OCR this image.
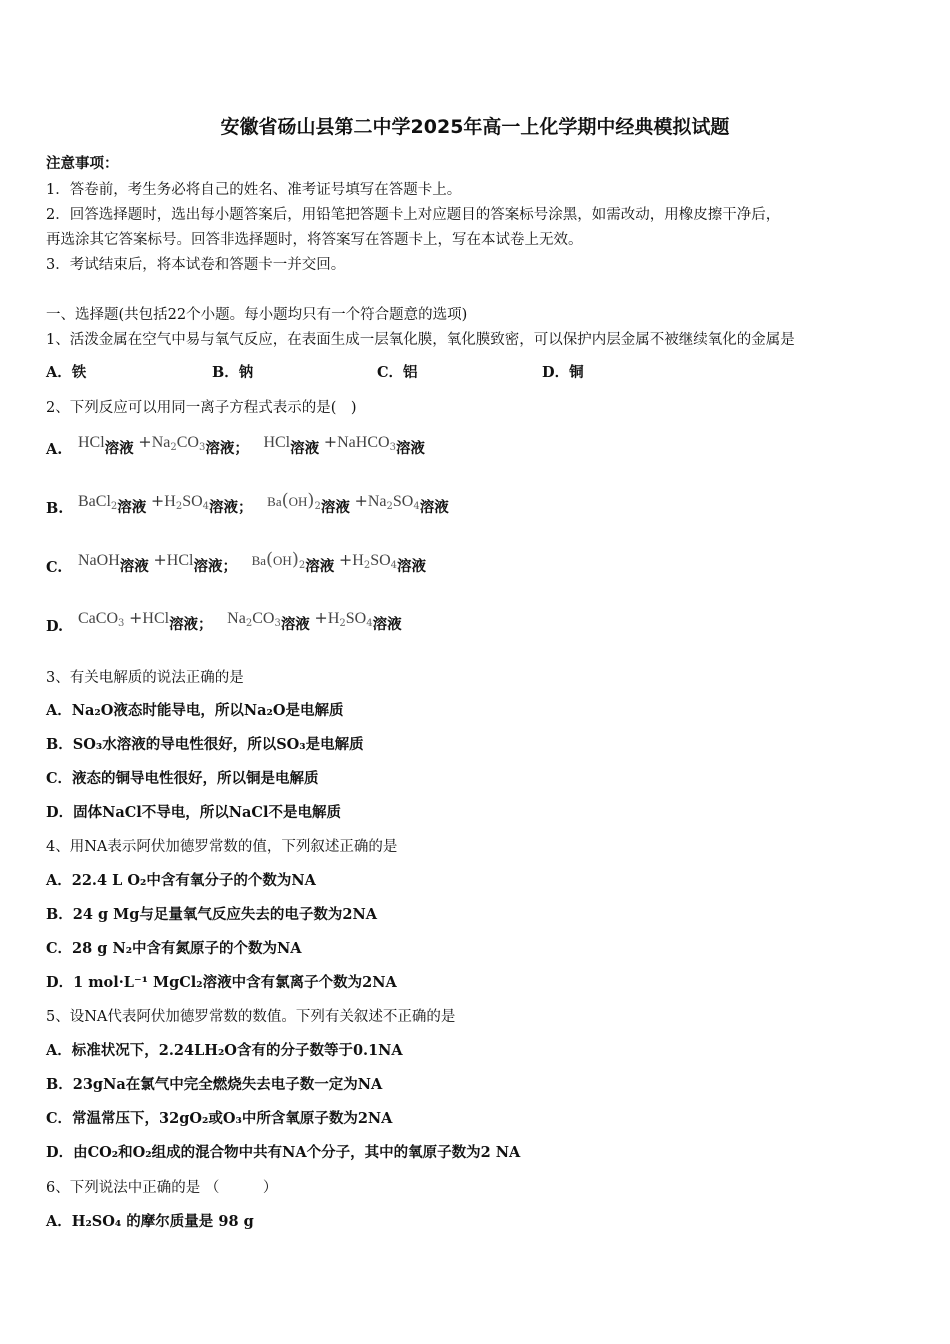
安徽省砀山县第二中学2025年高一上化学期中经典模拟试题
注意事项：
1．答卷前，考生务必将自己的姓名、准考证号填写在答题卡上。
2．回答选择题时，选出每小题答案后，用铅笔把答题卡上对应题目的答案标号涂黑，如需改动，用橡皮擦干净后，
再选涂其它答案标号。回答非选择题时，将答案写在答题卡上，写在本试卷上无效。
3．考试结束后，将本试卷和答题卡一并交回。
一、选择题(共包括22个小题。每小题均只有一个符合题意的选项)
1、活泼金属在空气中易与氧气反应，在表面生成一层氧化膜，氧化膜致密，可以保护内层金属不被继续氧化的金属是
A．铁	B．钠	C．铝	D．铜
2、下列反应可以用同一离子方程式表示的是(　)
A. HCl溶液 $+Na_2CO_3$溶液； HCl溶液 +NaHCO$_3$溶液
B. BaCl$_2$溶液 $+H_2SO_4$溶液； $Ba(OH)_2$溶液 $+Na_2SO_4$溶液
C. NaOH溶液 +HCl溶液； $Ba(OH)_2$溶液 $+H_2SO_4$溶液
D. CaCO$_3$ +HCl溶液； $Na_2CO_3$溶液 $+H_2SO_4$溶液
3、有关电解质的说法正确的是
A．Na₂O液态时能导电，所以Na₂O是电解质
B．SO₃水溶液的导电性很好，所以SO₃是电解质
C．液态的铜导电性很好，所以铜是电解质
D．固体NaCl不导电，所以NaCl不是电解质
4、用NA表示阿伏加德罗常数的值，下列叙述正确的是
A．22.4 L O₂中含有氧分子的个数为NA
B．24 g Mg与足量氧气反应失去的电子数为2NA
C．28 g N₂中含有氮原子的个数为NA
D．1 mol·L⁻¹ MgCl₂溶液中含有氯离子个数为2NA
5、设NA代表阿伏加德罗常数的数值。下列有关叙述不正确的是
A．标准状况下，2.24LH₂O含有的分子数等于0.1NA
B．23gNa在氯气中完全燃烧失去电子数一定为NA
C．常温常压下，32gO₂或O₃中所含氧原子数为2NA
D．由CO₂和O₂组成的混合物中共有NA个分子，其中的氧原子数为2 NA
6、下列说法中正确的是 （　　　）
A．H₂SO₄ 的摩尔质量是 98 g
